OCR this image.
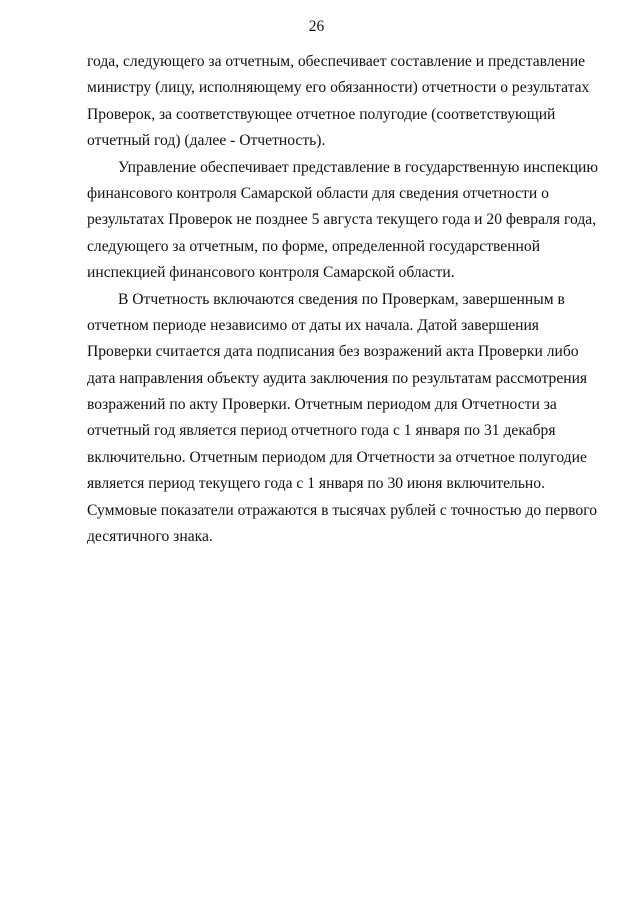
26
года, следующего за отчетным, обеспечивает составление и представление
министру (лицу, исполняющему его обязанности) отчетности о результатах
Проверок, за соответствующее отчетное полугодие (соответствующий
отчетный год) (далее - Отчетность).
Управление обеспечивает представление в государственную инспекцию
финансового контроля Самарской области для сведения отчетности о
результатах Проверок не позднее 5 августа текущего года и 20 февраля года,
следующего за отчетным, по форме, определенной государственной
инспекцией финансового контроля Самарской области.
В Отчетность включаются сведения по Проверкам, завершенным в
отчетном периоде независимо от даты их начала. Датой завершения
Проверки считается дата подписания без возражений акта Проверки либо
дата направления объекту аудита заключения по результатам рассмотрения
возражений по акту Проверки. Отчетным периодом для Отчетности за
отчетный год является период отчетного года с 1 января по 31 декабря
включительно. Отчетным периодом для Отчетности за отчетное полугодие
является период текущего года с 1 января по 30 июня включительно.
Суммовые показатели отражаются в тысячах рублей с точностью до первого
десятичного знака.
